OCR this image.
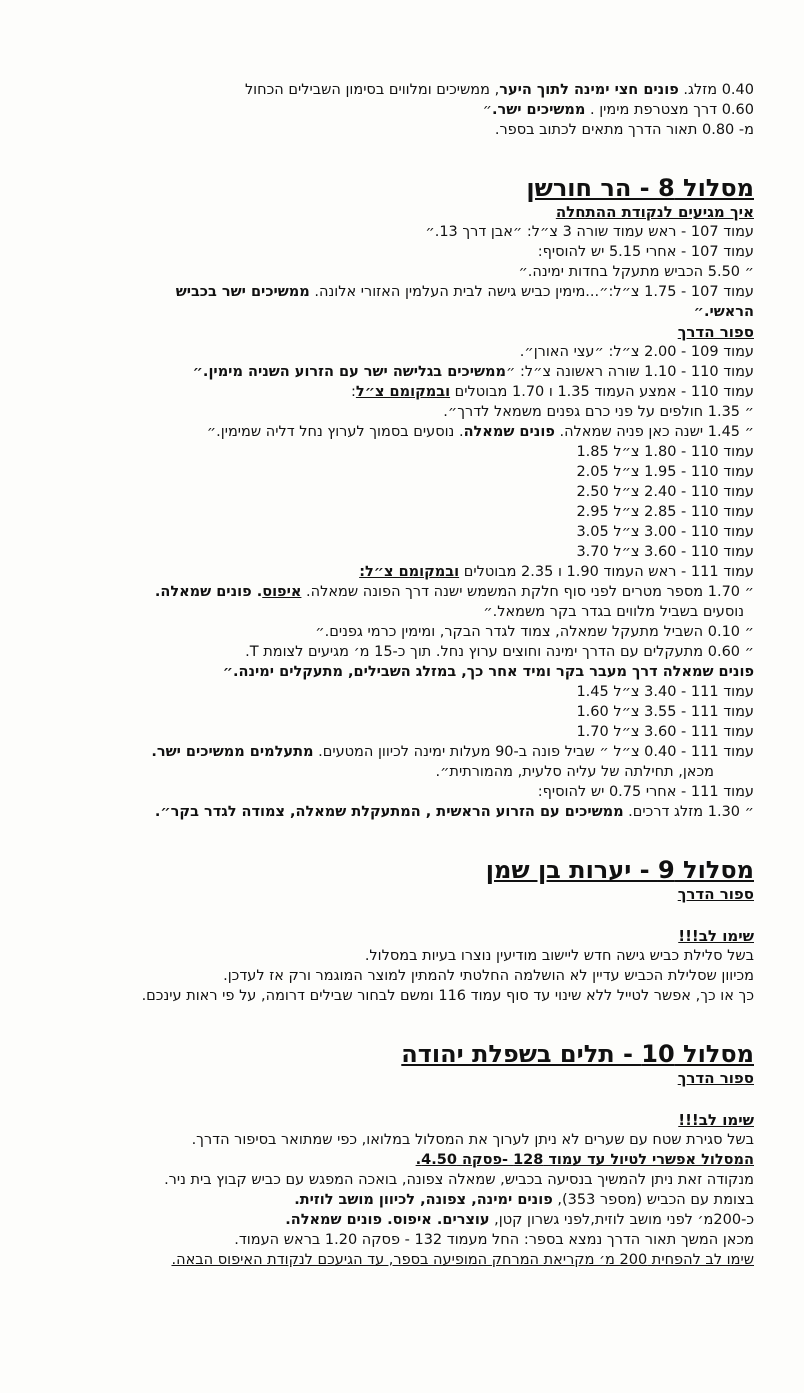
0.40 מזלג. פונים חצי ימינה לתוך היער, ממשיכים ומלווים בסימון השבילים הכחול
0.60 דרך מצטרפת מימין . ממשיכים ישר.״
מ- 0.80 תאור הדרך מתאים לכתוב בספר.
מסלול 8 - הר חורשן
איך מגיעים לנקודת ההתחלה
עמוד 107 - ראש עמוד שורה 3 צ״ל: ״אבן דרך 13.״
עמוד 107 - אחרי 5.15 יש להוסיף:
״ 5.50 הכביש מתעקל בחדות ימינה.״
עמוד 107 - 1.75 צ״ל:״...מימין כביש גישה לבית העלמין האזורי אלונה. ממשיכים ישר בכביש
הראשי.״
ספור הדרך
עמוד 109 - 2.00 צ״ל: ״עצי האורן״.
עמוד 110 - 1.10 שורה ראשונה צ״ל: ״ממשיכים בגלישה ישר עם הזרוע השניה מימין.״
עמוד 110 - אמצע העמוד 1.35 ו 1.70 מבוטלים ובמקומם צ״ל:
״ 1.35 חולפים על פני כרם גפנים משמאל לדרך״.
״ 1.45 ישנה כאן פניה שמאלה. פונים שמאלה. נוסעים בסמוך לערוץ נחל דליה שמימין.״
עמוד 110 - 1.80 צ״ל 1.85
עמוד 110 - 1.95 צ״ל 2.05
עמוד 110 - 2.40 צ״ל 2.50
עמוד 110 - 2.85 צ״ל 2.95
עמוד 110 - 3.00 צ״ל 3.05
עמוד 110 - 3.60 צ״ל 3.70
עמוד 111 - ראש העמוד 1.90 ו 2.35 מבוטלים ובמקומם צ״ל:
״ 1.70 מספר מטרים לפני סוף חלקת המשמש ישנה דרך הפונה שמאלה. איפוס. פונים שמאלה.
נוסעים בשביל מלווים בגדר בקר משמאל.״
״ 0.10 השביל מתעקל שמאלה, צמוד לגדר הבקר, ומימין כרמי גפנים.״
״ 0.60 מתעקלים עם הדרך ימינה וחוצים ערוץ נחל. תוך כ-15 מ׳ מגיעים לצומת T.
פונים שמאלה דרך מעבר בקר ומיד אחר כך, במזלג השבילים, מתעקלים ימינה.״
עמוד 111 - 3.40 צ״ל 1.45
עמוד 111 - 3.55 צ״ל 1.60
עמוד 111 - 3.60 צ״ל 1.70
עמוד 111 - 0.40 צ״ל ״ שביל פונה ב-90 מעלות ימינה לכיוון המטעים. מתעלמים ממשיכים ישר.
מכאן, תחילתה של עליה סלעית, מהמורתית״.
עמוד 111 - אחרי 0.75 יש להוסיף:
״ 1.30 מזלג דרכים. ממשיכים עם הזרוע הראשית , המתעקלת שמאלה, צמודה לגדר בקר״.
מסלול 9 - יערות בן שמן
ספור הדרך
שימו לב!!!
בשל סלילת כביש גישה חדש ליישוב מודיעין נוצרו בעיות במסלול.
מכיוון שסלילת הכביש עדיין לא הושלמה החלטתי להמתין למוצר המוגמר ורק אז לעדכן.
כך או כך, אפשר לטייל ללא שינוי עד סוף עמוד 116 ומשם לבחור שבילים דרומה, על פי ראות עינכם.
מסלול 10 - תלים בשפלת יהודה
ספור הדרך
שימו לב!!!
בשל סגירת שטח עם שערים לא ניתן לערוך את המסלול במלואו, כפי שמתואר בסיפור הדרך.
המסלול אפשרי לטיול עד עמוד 128 -פסקה 4.50.
מנקודה זאת ניתן להמשיך בנסיעה בכביש, שמאלה צפונה, בואכה המפגש עם כביש קבוץ בית ניר.
בצומת עם הכביש (מספר 353), פונים ימינה, צפונה, לכיוון מושב לוזית.
כ-200מ׳ לפני מושב לוזית,לפני גשרון קטן, עוצרים. איפוס. פונים שמאלה.
מכאן המשך תאור הדרך נמצא בספר: החל מעמוד 132 - פסקה 1.20 בראש העמוד.
שימו לב להפחית 200 מ׳ מקריאת המרחק המופיעה בספר, עד הגיעכם לנקודת האיפוס הבאה.
